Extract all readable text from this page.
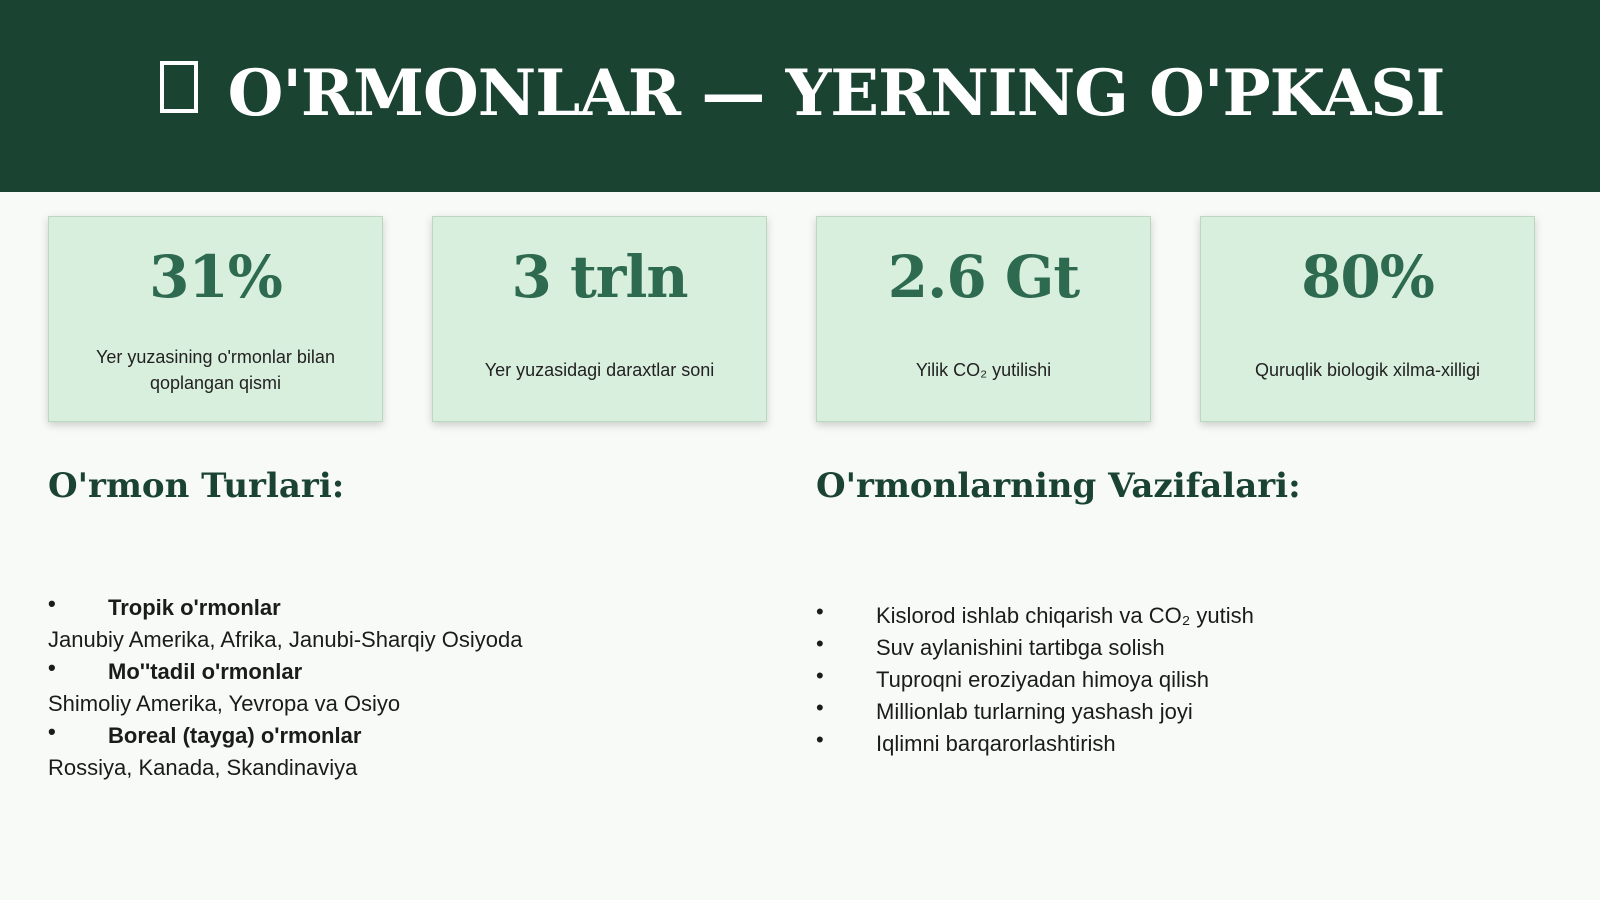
O'RMONLAR — YERNING O'PKASI
31%
Yer yuzasining o'rmonlar bilan qoplangan qismi
3 trln
Yer yuzasidagi daraxtlar soni
2.6 Gt
Yilik CO₂ yutilishi
80%
Quruqlik biologik xilma-xilligi
O'rmon Turlari:	O'rmonlarning Vazifalari:
• Tropik o'rmonlar
Janubiy Amerika, Afrika, Janubi-Sharqiy Osiyoda
• Mo''tadil o'rmonlar
Shimoliy Amerika, Yevropa va Osiyo
• Boreal (tayga) o'rmonlar
Rossiya, Kanada, Skandinaviya
• Kislorod ishlab chiqarish va CO₂ yutish
• Suv aylanishini tartibga solish
• Tuproqni eroziyadan himoya qilish
• Millionlab turlarning yashash joyi
• Iqlimni barqarorlashtirish
